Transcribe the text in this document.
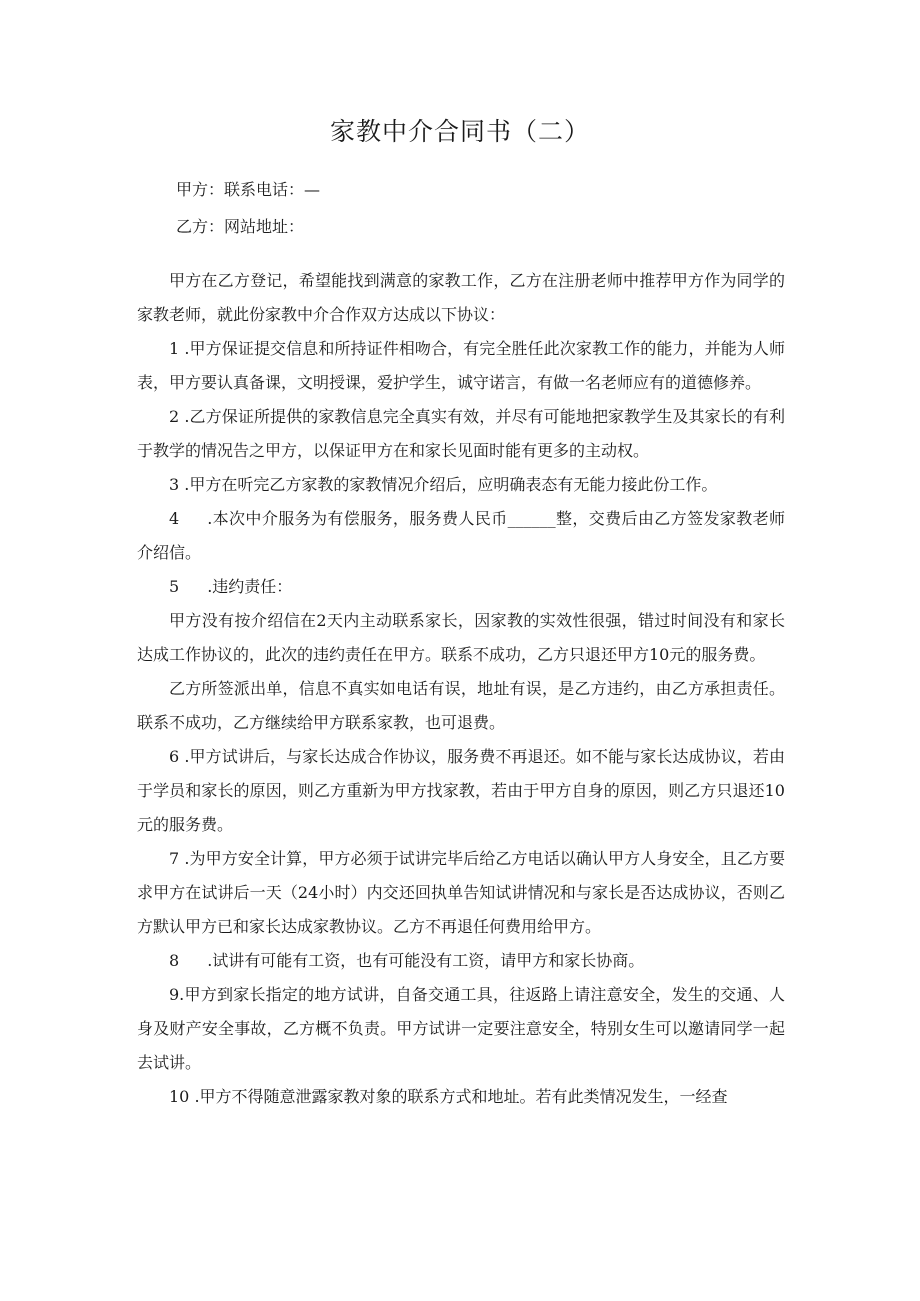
家教中介合同书（二）
甲方：联系电话：—
乙方：网站地址：

甲方在乙方登记，希望能找到满意的家教工作，乙方在注册老师中推荐甲方作为同学的家教老师，就此份家教中介合作双方达成以下协议：

1 .甲方保证提交信息和所持证件相吻合，有完全胜任此次家教工作的能力，并能为人师表，甲方要认真备课，文明授课，爱护学生，诚守诺言，有做一名老师应有的道德修养。

2 .乙方保证所提供的家教信息完全真实有效，并尽有可能地把家教学生及其家长的有利于教学的情况告之甲方，以保证甲方在和家长见面时能有更多的主动权。

3 .甲方在听完乙方家教的家教情况介绍后，应明确表态有无能力接此份工作。

4 .本次中介服务为有偿服务，服务费人民币______整，交费后由乙方签发家教老师介绍信。

5 .违约责任：

甲方没有按介绍信在2天内主动联系家长，因家教的实效性很强，错过时间没有和家长达成工作协议的，此次的违约责任在甲方。联系不成功，乙方只退还甲方10元的服务费。

乙方所签派出单，信息不真实如电话有误，地址有误，是乙方违约，由乙方承担责任。联系不成功，乙方继续给甲方联系家教，也可退费。

6 .甲方试讲后，与家长达成合作协议，服务费不再退还。如不能与家长达成协议，若由于学员和家长的原因，则乙方重新为甲方找家教，若由于甲方自身的原因，则乙方只退还10元的服务费。

7 .为甲方安全计算，甲方必须于试讲完毕后给乙方电话以确认甲方人身安全，且乙方要求甲方在试讲后一天（24小时）内交还回执单告知试讲情况和与家长是否达成协议，否则乙方默认甲方已和家长达成家教协议。乙方不再退任何费用给甲方。

8 .试讲有可能有工资，也有可能没有工资，请甲方和家长协商。

9.甲方到家长指定的地方试讲，自备交通工具，往返路上请注意安全，发生的交通、人身及财产安全事故，乙方概不负责。甲方试讲一定要注意安全，特别女生可以邀请同学一起去试讲。

10 .甲方不得随意泄露家教对象的联系方式和地址。若有此类情况发生，一经查
